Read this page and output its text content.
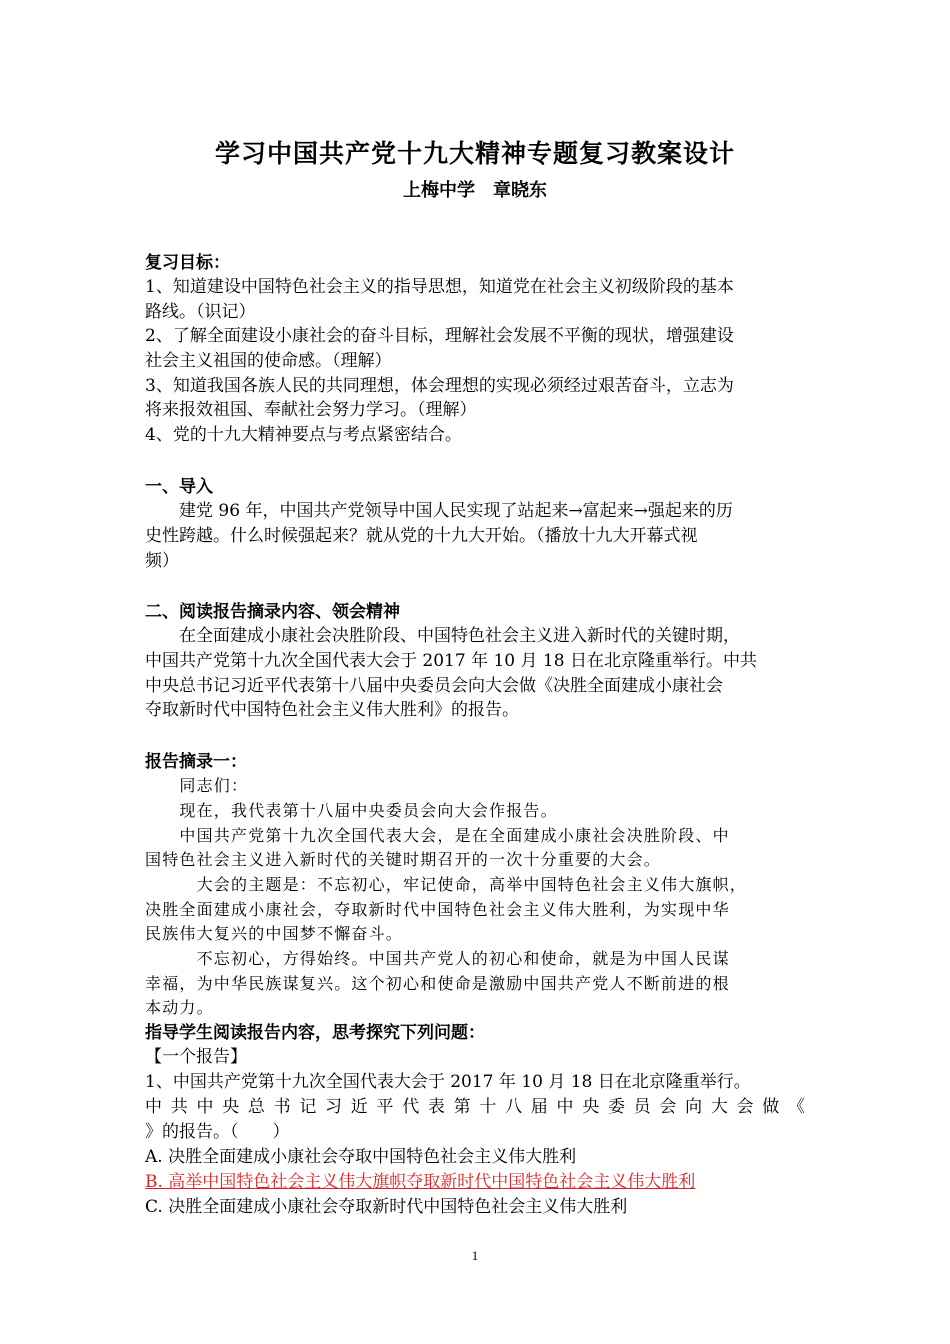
学习中国共产党十九大精神专题复习教案设计
上梅中学　章晓东
复习目标：
1、知道建设中国特色社会主义的指导思想，知道党在社会主义初级阶段的基本
路线。（识记）
2、了解全面建设小康社会的奋斗目标，理解社会发展不平衡的现状，增强建设
社会主义祖国的使命感。（理解）
3、知道我国各族人民的共同理想，体会理想的实现必须经过艰苦奋斗，立志为
将来报效祖国、奉献社会努力学习。（理解）
4、党的十九大精神要点与考点紧密结合。
一、导入
　　建党 96 年，中国共产党领导中国人民实现了站起来→富起来→强起来的历
史性跨越。什么时候强起来？就从党的十九大开始。（播放十九大开幕式视
频）
二、阅读报告摘录内容、领会精神
　　在全面建成小康社会决胜阶段、中国特色社会主义进入新时代的关键时期，
中国共产党第十九次全国代表大会于 2017 年 10 月 18 日在北京隆重举行。中共
中央总书记习近平代表第十八届中央委员会向大会做《决胜全面建成小康社会
夺取新时代中国特色社会主义伟大胜利》的报告。
报告摘录一：
　　同志们：
　　现在，我代表第十八届中央委员会向大会作报告。
　　中国共产党第十九次全国代表大会，是在全面建成小康社会决胜阶段、中
国特色社会主义进入新时代的关键时期召开的一次十分重要的大会。
　　　大会的主题是：不忘初心，牢记使命，高举中国特色社会主义伟大旗帜，
决胜全面建成小康社会，夺取新时代中国特色社会主义伟大胜利，为实现中华
民族伟大复兴的中国梦不懈奋斗。
　　　不忘初心，方得始终。中国共产党人的初心和使命，就是为中国人民谋
幸福，为中华民族谋复兴。这个初心和使命是激励中国共产党人不断前进的根
本动力。
指导学生阅读报告内容，思考探究下列问题：
【一个报告】
1、中国共产党第十九次全国代表大会于 2017 年 10 月 18 日在北京隆重举行。
中共中央总书记习近平代表第十八届中央委员会向大会做《
》的报告。（　　）
A. 决胜全面建成小康社会夺取中国特色社会主义伟大胜利
B. 高举中国特色社会主义伟大旗帜夺取新时代中国特色社会主义伟大胜利
C. 决胜全面建成小康社会夺取新时代中国特色社会主义伟大胜利
1
